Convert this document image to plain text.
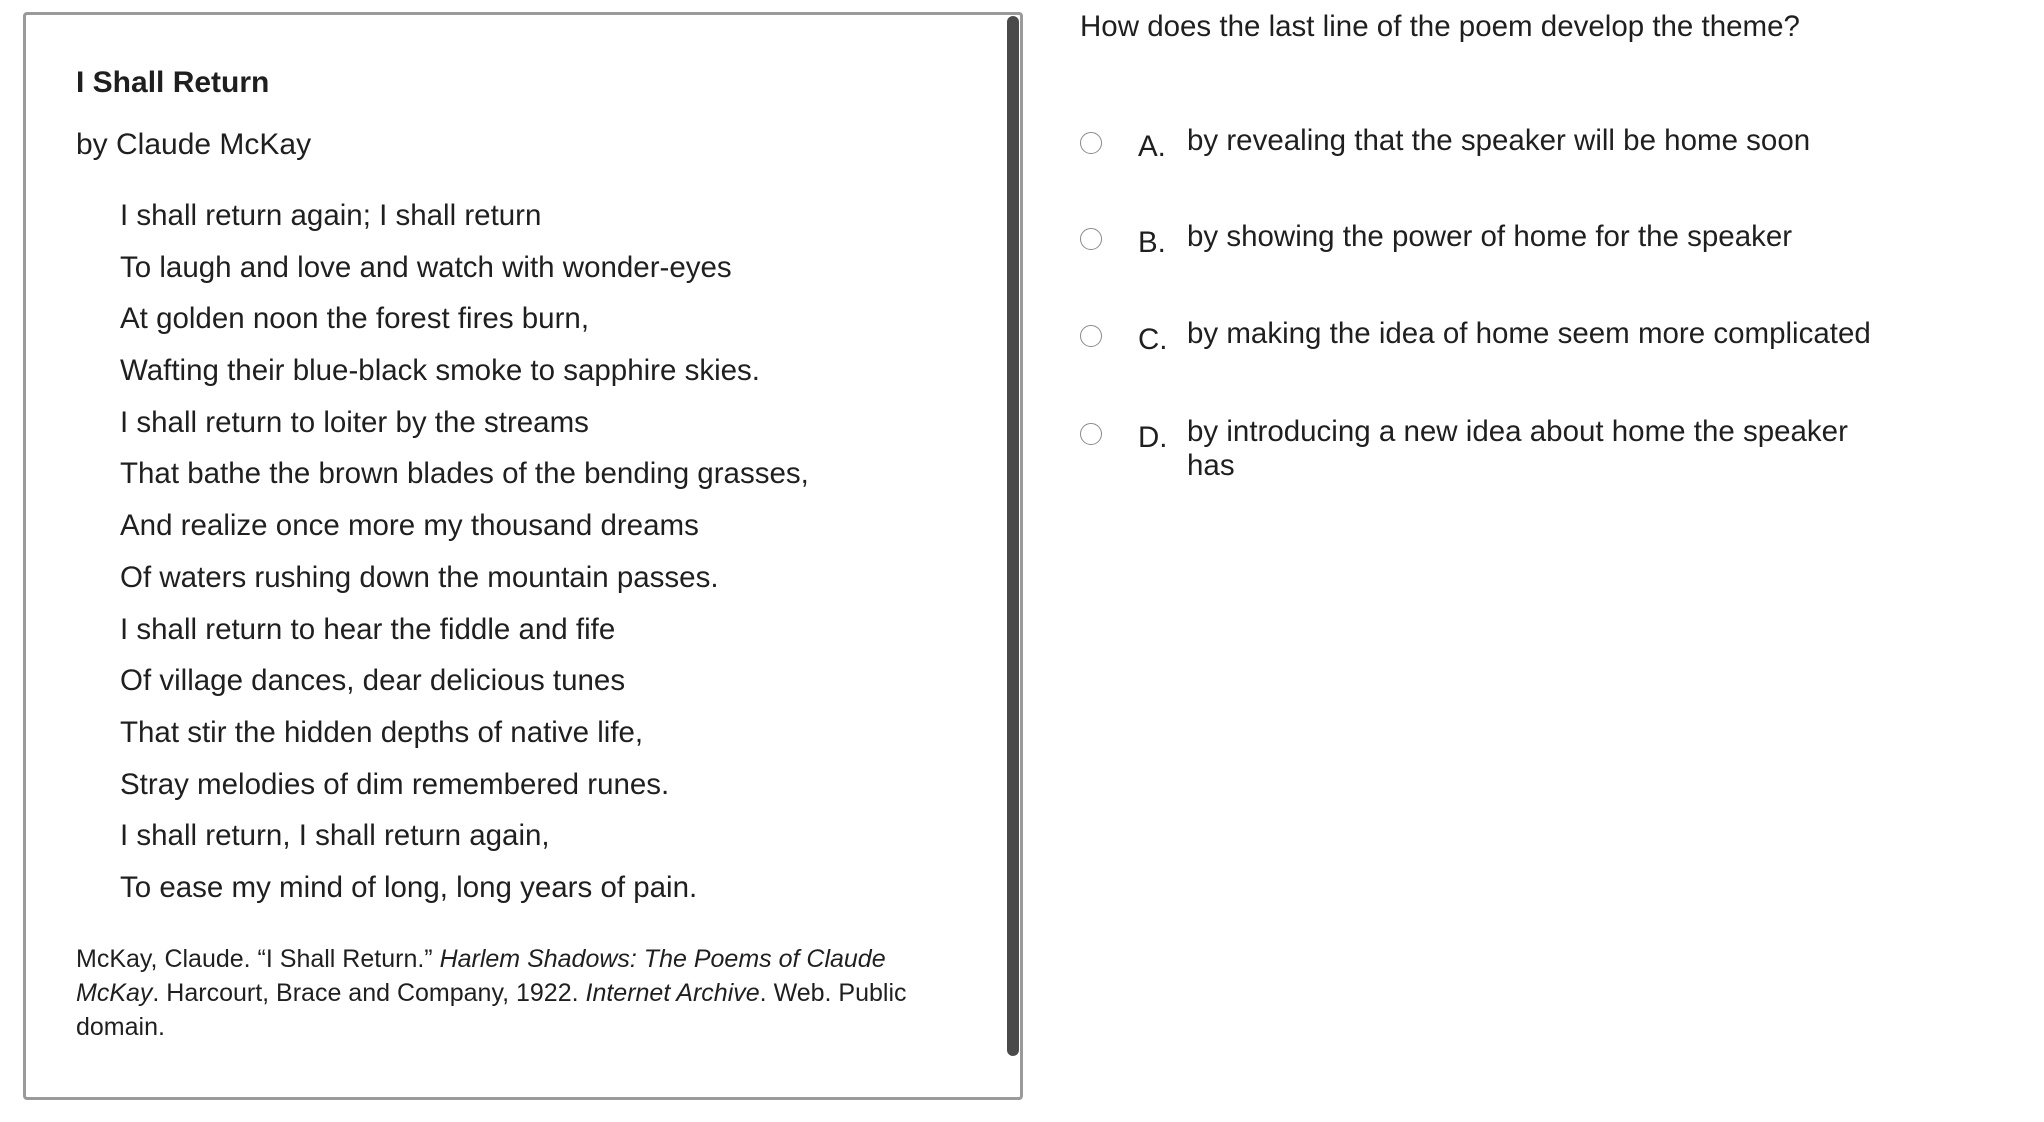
I Shall Return

by Claude McKay

I shall return again; I shall return
To laugh and love and watch with wonder-eyes
At golden noon the forest fires burn,
Wafting their blue-black smoke to sapphire skies.
I shall return to loiter by the streams
That bathe the brown blades of the bending grasses,
And realize once more my thousand dreams
Of waters rushing down the mountain passes.
I shall return to hear the fiddle and fife
Of village dances, dear delicious tunes
That stir the hidden depths of native life,
Stray melodies of dim remembered runes.
I shall return, I shall return again,
To ease my mind of long, long years of pain.

McKay, Claude. “I Shall Return.” Harlem Shadows: The Poems of Claude McKay. Harcourt, Brace and Company, 1922. Internet Archive. Web. Public domain.

How does the last line of the poem develop the theme?

A. by revealing that the speaker will be home soon
B. by showing the power of home for the speaker
C. by making the idea of home seem more complicated
D. by introducing a new idea about home the speaker has
